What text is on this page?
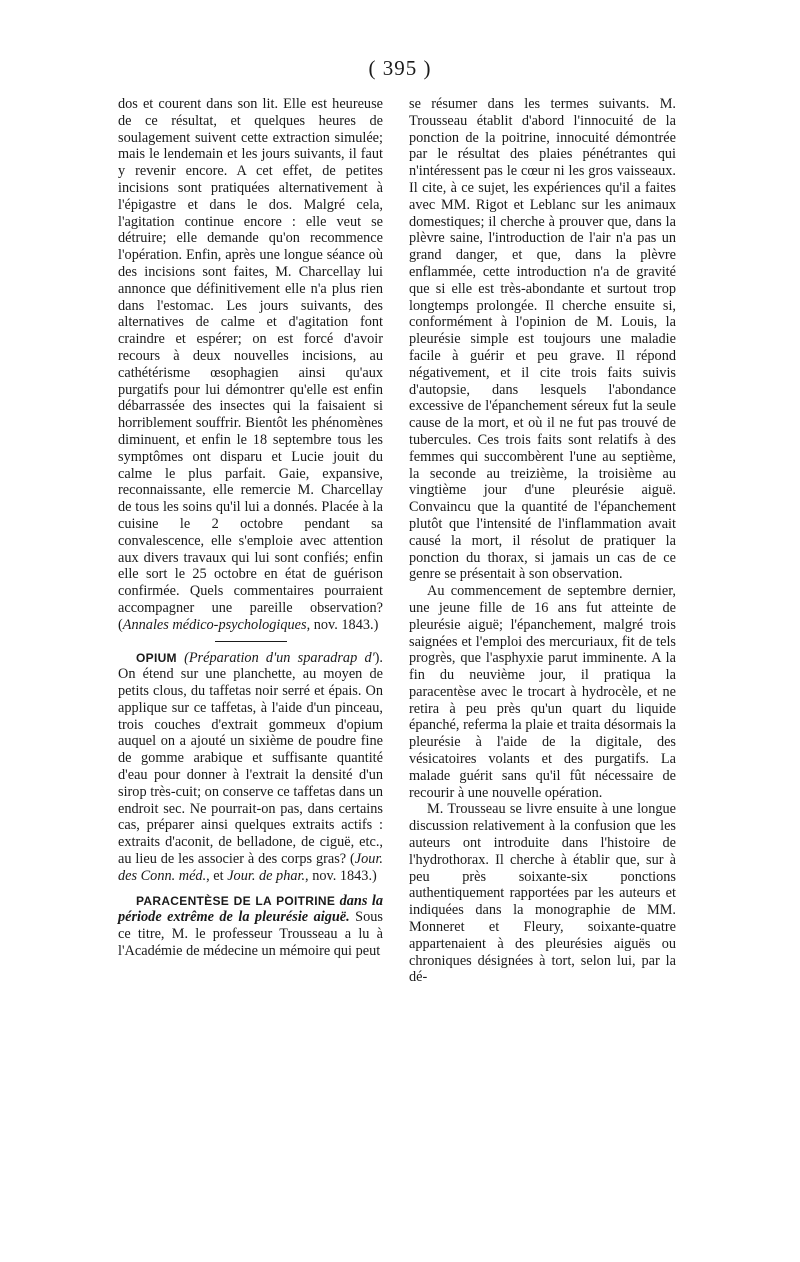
( 395 )

dos et courent dans son lit. Elle est heureuse de ce résultat, et quelques heures de soulagement suivent cette extraction simulée; mais le lendemain et les jours suivants, il faut y revenir encore. A cet effet, de petites incisions sont pratiquées alternativement à l'épigastre et dans le dos. Malgré cela, l'agitation continue encore : elle veut se détruire; elle demande qu'on recommence l'opération. Enfin, après une longue séance où des incisions sont faites, M. Charcellay lui annonce que définitivement elle n'a plus rien dans l'estomac. Les jours suivants, des alternatives de calme et d'agitation font craindre et espérer; on est forcé d'avoir recours à deux nouvelles incisions, au cathétérisme œsophagien ainsi qu'aux purgatifs pour lui démontrer qu'elle est enfin débarrassée des insectes qui la faisaient si horriblement souffrir. Bientôt les phénomènes diminuent, et enfin le 18 septembre tous les symptômes ont disparu et Lucie jouit du calme le plus parfait. Gaie, expansive, reconnaissante, elle remercie M. Charcellay de tous les soins qu'il lui a donnés. Placée à la cuisine le 2 octobre pendant sa convalescence, elle s'emploie avec attention aux divers travaux qui lui sont confiés; enfin elle sort le 25 octobre en état de guérison confirmée. Quels commentaires pourraient accompagner une pareille observation? (Annales médico-psychologiques, nov. 1843.)

OPIUM (Préparation d'un sparadrap d'). On étend sur une planchette, au moyen de petits clous, du taffetas noir serré et épais. On applique sur ce taffetas, à l'aide d'un pinceau, trois couches d'extrait gommeux d'opium auquel on a ajouté un sixième de poudre fine de gomme arabique et suffisante quantité d'eau pour donner à l'extrait la densité d'un sirop très-cuit; on conserve ce taffetas dans un endroit sec. Ne pourrait-on pas, dans certains cas, préparer ainsi quelques extraits actifs : extraits d'aconit, de belladone, de ciguë, etc., au lieu de les associer à des corps gras? (Jour. des Conn. méd., et Jour. de phar., nov. 1843.)

PARACENTÈSE DE LA POITRINE dans la période extrême de la pleurésie aiguë. Sous ce titre, M. le professeur Trousseau a lu à l'Académie de médecine un mémoire qui peut

se résumer dans les termes suivants. M. Trousseau établit d'abord l'innocuité de la ponction de la poitrine, innocuité démontrée par le résultat des plaies pénétrantes qui n'intéressent pas le cœur ni les gros vaisseaux. Il cite, à ce sujet, les expériences qu'il a faites avec MM. Rigot et Leblanc sur les animaux domestiques; il cherche à prouver que, dans la plèvre saine, l'introduction de l'air n'a pas un grand danger, et que, dans la plèvre enflammée, cette introduction n'a de gravité que si elle est très-abondante et surtout trop longtemps prolongée. Il cherche ensuite si, conformément à l'opinion de M. Louis, la pleurésie simple est toujours une maladie facile à guérir et peu grave. Il répond négativement, et il cite trois faits suivis d'autopsie, dans lesquels l'abondance excessive de l'épanchement séreux fut la seule cause de la mort, et où il ne fut pas trouvé de tubercules. Ces trois faits sont relatifs à des femmes qui succombèrent l'une au septième, la seconde au treizième, la troisième au vingtième jour d'une pleurésie aiguë. Convaincu que la quantité de l'épanchement plutôt que l'intensité de l'inflammation avait causé la mort, il résolut de pratiquer la ponction du thorax, si jamais un cas de ce genre se présentait à son observation.

Au commencement de septembre dernier, une jeune fille de 16 ans fut atteinte de pleurésie aiguë; l'épanchement, malgré trois saignées et l'emploi des mercuriaux, fit de tels progrès, que l'asphyxie parut imminente. A la fin du neuvième jour, il pratiqua la paracentèse avec le trocart à hydrocèle, et ne retira à peu près qu'un quart du liquide épanché, referma la plaie et traita désormais la pleurésie à l'aide de la digitale, des vésicatoires volants et des purgatifs. La malade guérit sans qu'il fût nécessaire de recourir à une nouvelle opération.

M. Trousseau se livre ensuite à une longue discussion relativement à la confusion que les auteurs ont introduite dans l'histoire de l'hydrothorax. Il cherche à établir que, sur à peu près soixante-six ponctions authentiquement rapportées par les auteurs et indiquées dans la monographie de MM. Monneret et Fleury, soixante-quatre appartenaient à des pleurésies aiguës ou chroniques désignées à tort, selon lui, par la dé-
